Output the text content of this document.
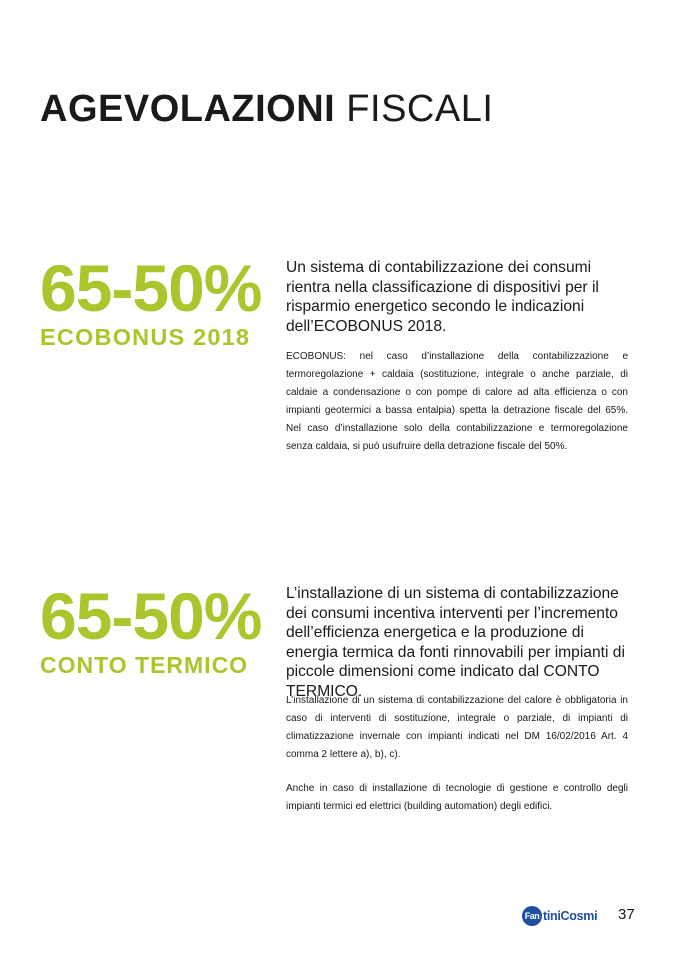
AGEVOLAZIONI FISCALI
65-50%
ECOBONUS 2018

Un sistema di contabilizzazione dei consumi rientra nella classificazione di dispositivi per il risparmio energetico secondo le indicazioni dell’ECOBONUS 2018.

ECOBONUS: nel caso d’installazione della contabilizzazione e termoregolazione + caldaia (sostituzione, integrale o anche parziale, di caldaie a condensazione o con pompe di calore ad alta efficienza o con impianti geotermici a bassa entalpia) spetta la detrazione fiscale del 65%. Nel caso d’installazione solo della contabilizzazione e termoregolazione senza caldaia, si può usufruire della detrazione fiscale del 50%.

65-50%
CONTO TERMICO

L’installazione di un sistema di contabilizzazione dei consumi incentiva interventi per l’incremento dell’efficienza energetica e la produzione di energia termica da fonti rinnovabili per impianti di piccole dimensioni come indicato dal CONTO TERMICO.

L’installazione di un sistema di contabilizzazione del calore è obbligatoria in caso di interventi di sostituzione, integrale o parziale, di impianti di climatizzazione invernale con impianti indicati nel DM 16/02/2016 Art. 4 comma 2 lettere a), b), c).

Anche in caso di installazione di tecnologie di gestione e controllo degli impianti termici ed elettrici (building automation) degli edifici.

Fan tiniCosmi 37
